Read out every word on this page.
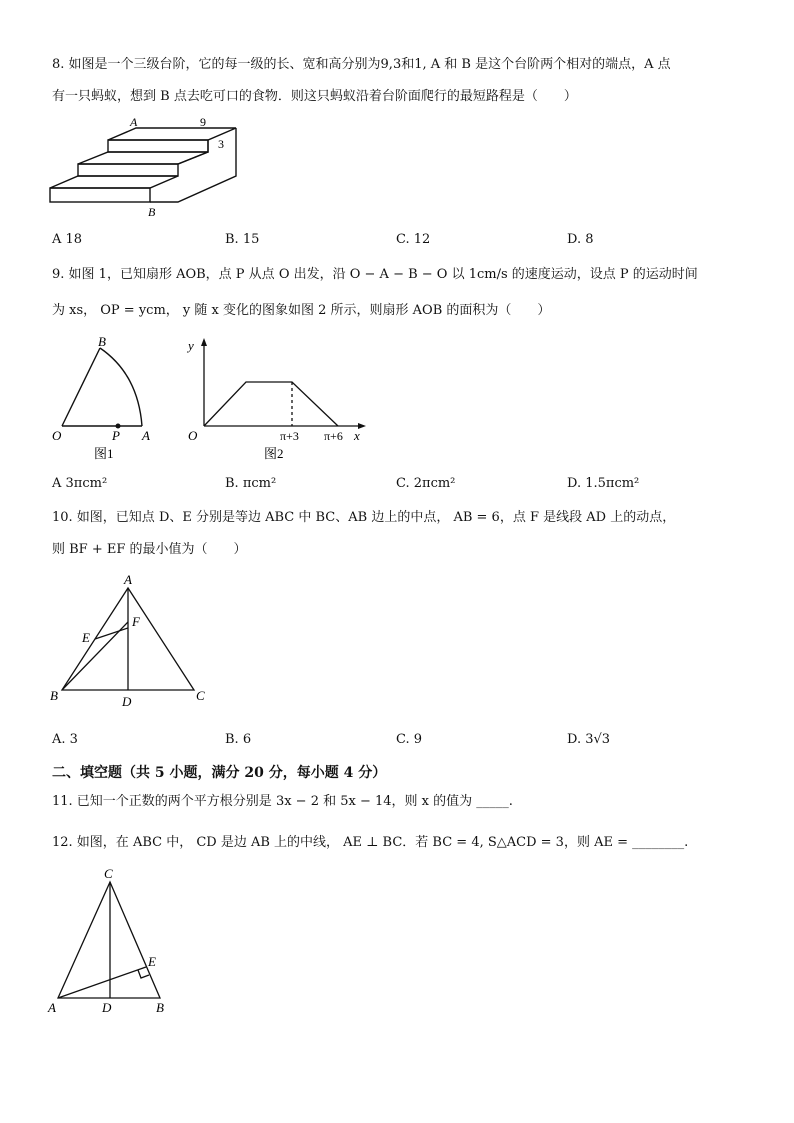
8. 如图是一个三级台阶，它的每一级的长、宽和高分别为9,3和1, A 和 B 是这个台阶两个相对的端点，A 点
有一只蚂蚁，想到 B 点去吃可口的食物．则这只蚂蚁沿着台阶面爬行的最短路程是（　　）
A	9
3
B
A 18	B. 15	C. 12	D. 8
9. 如图 1，已知扇形 AOB，点 P 从点 O 出发，沿 O − A − B − O 以 1cm/s 的速度运动，设点 P 的运动时间
为 xs， OP = ycm， y 随 x 变化的图象如图 2 所示，则扇形 AOB 的面积为（　　）
B
O	P A
图1
y
x
O	π+3 π+6
图2
A 3πcm²	B. πcm²	C. 2πcm²	D. 1.5πcm²
10. 如图，已知点 D、E 分别是等边 ABC 中 BC、AB 边上的中点， AB = 6，点 F 是线段 AD 上的动点，
则 BF + EF 的最小值为（　　）
A
E
F
B	D	C
A. 3	B. 6	C. 9	D. 3√3
二、填空题（共 5 小题，满分 20 分，每小题 4 分）
11. 已知一个正数的两个平方根分别是 3x − 2 和 5x − 14，则 x 的值为 _____.
12. 如图，在 ABC 中， CD 是边 AB 上的中线， AE ⊥ BC．若 BC = 4, S△ACD = 3，则 AE = ________.
C
E
A	D	B
